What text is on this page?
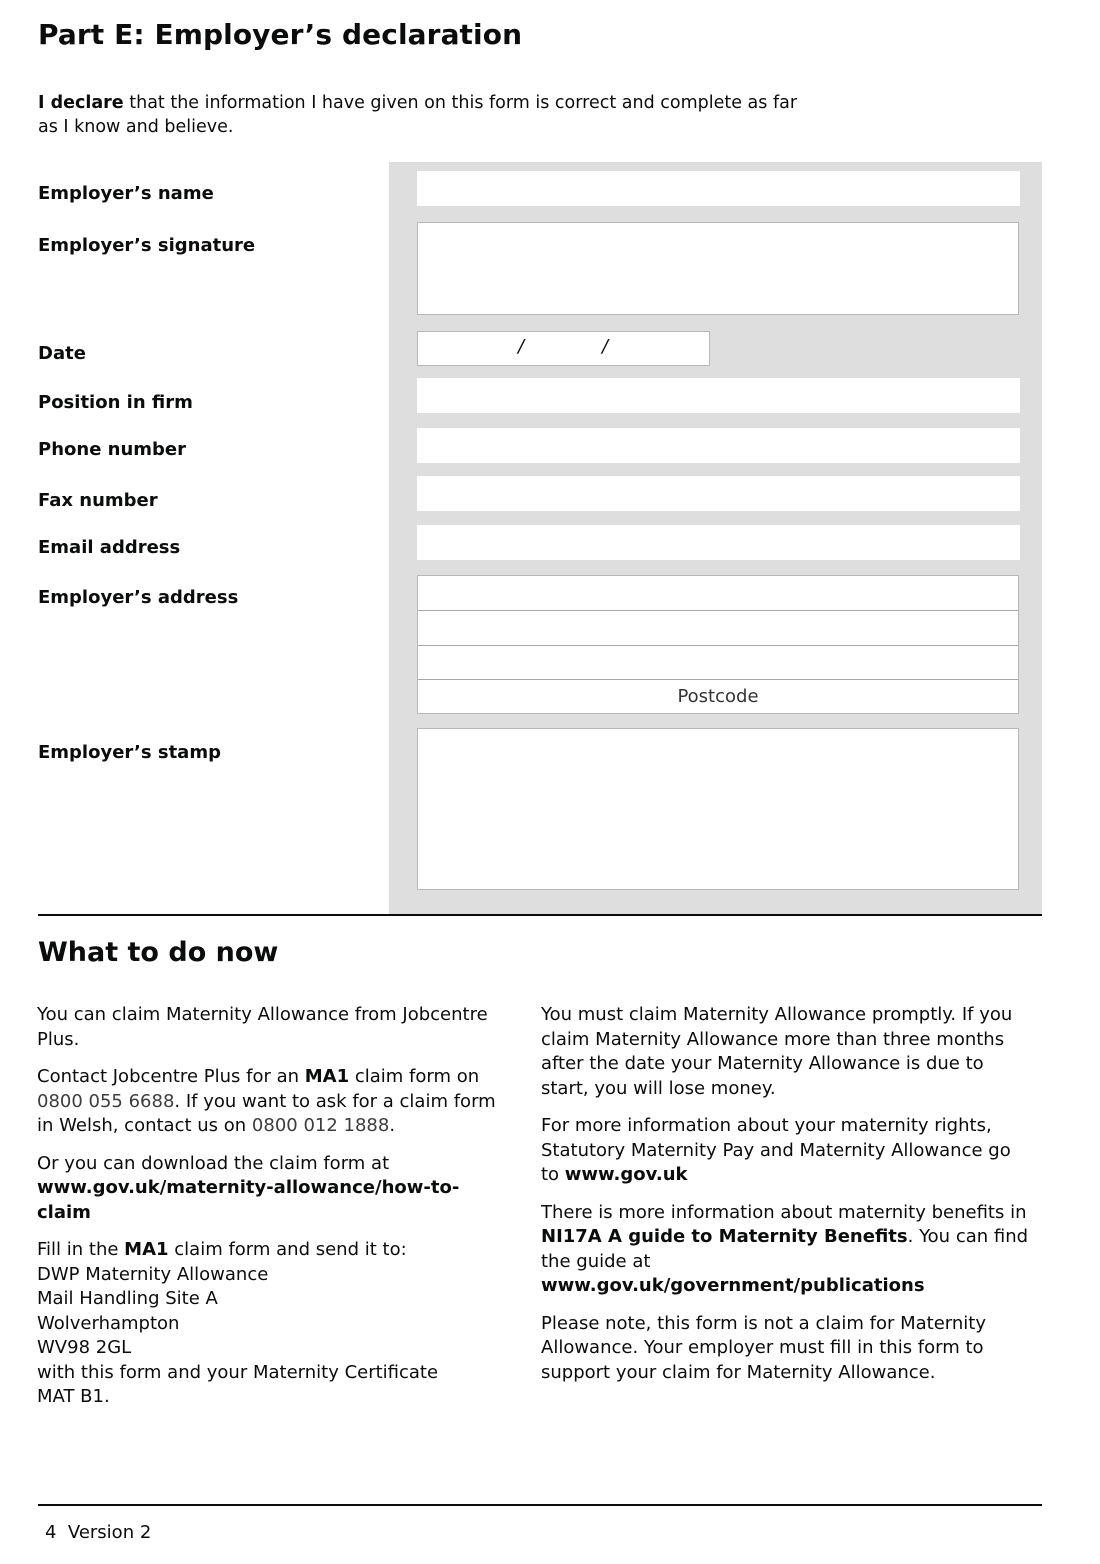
Part E: Employer’s declaration
I declare that the information I have given on this form is correct and complete as far
as I know and believe.
Employer’s name
Employer’s signature
Date
Position in firm
Phone number
Fax number
Email address
Employer’s address
Employer’s stamp
/	/
Postcode
What to do now

You can claim Maternity Allowance from Jobcentre Plus.

Contact Jobcentre Plus for an MA1 claim form on 0800 055 6688. If you want to ask for a claim form in Welsh, contact us on 0800 012 1888.

Or you can download the claim form at
www.gov.uk/maternity-allowance/how-to-claim

Fill in the MA1 claim form and send it to:
DWP Maternity Allowance
Mail Handling Site A
Wolverhampton
WV98 2GL
with this form and your Maternity Certificate
MAT B1.

You must claim Maternity Allowance promptly. If you claim Maternity Allowance more than three months after the date your Maternity Allowance is due to start, you will lose money.

For more information about your maternity rights, Statutory Maternity Pay and Maternity Allowance go to www.gov.uk

There is more information about maternity benefits in NI17A A guide to Maternity Benefits. You can find the guide at
www.gov.uk/government/publications

Please note, this form is not a claim for Maternity Allowance. Your employer must fill in this form to support your claim for Maternity Allowance.

4 Version 2
